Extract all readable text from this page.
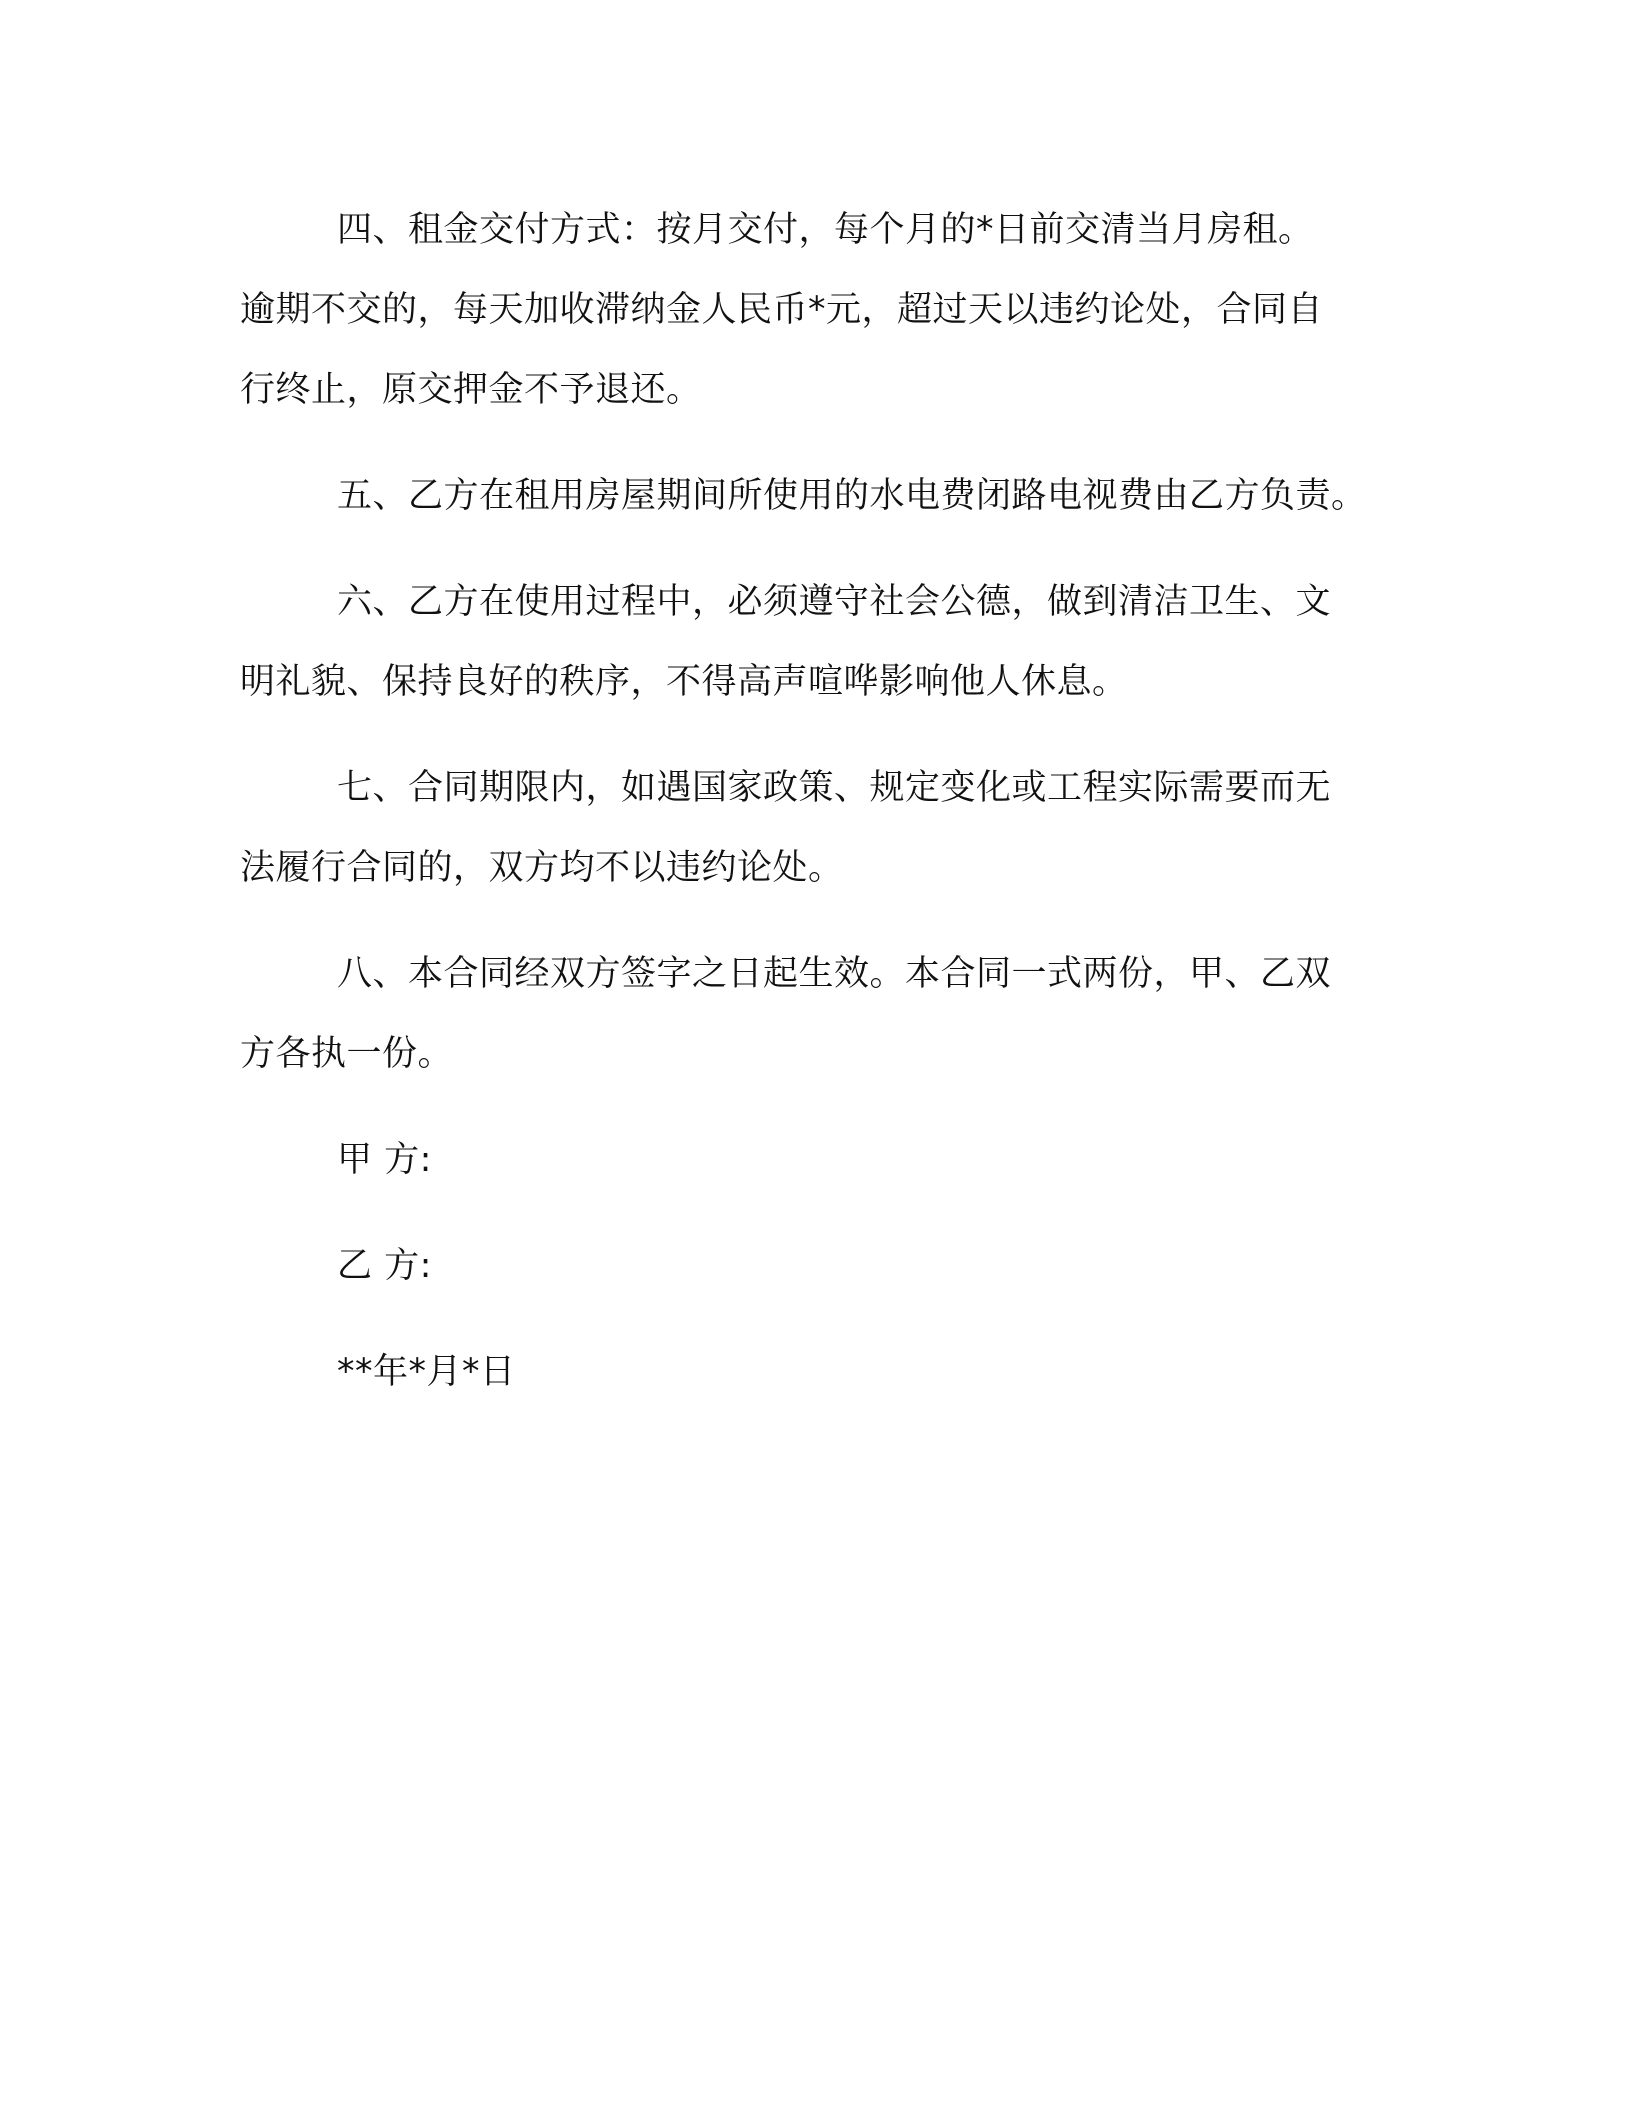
四、租金交付方式：按月交付，每个月的*日前交清当月房租。
逾期不交的，每天加收滞纳金人民币*元，超过天以违约论处，合同自
行终止，原交押金不予退还。
五、乙方在租用房屋期间所使用的水电费闭路电视费由乙方负责。
六、乙方在使用过程中，必须遵守社会公德，做到清洁卫生、文
明礼貌、保持良好的秩序，不得高声喧哗影响他人休息。
七、合同期限内，如遇国家政策、规定变化或工程实际需要而无
法履行合同的，双方均不以违约论处。
八、本合同经双方签字之日起生效。本合同一式两份，甲、乙双
方各执一份。
甲 方:
乙 方:
**年*月*日
